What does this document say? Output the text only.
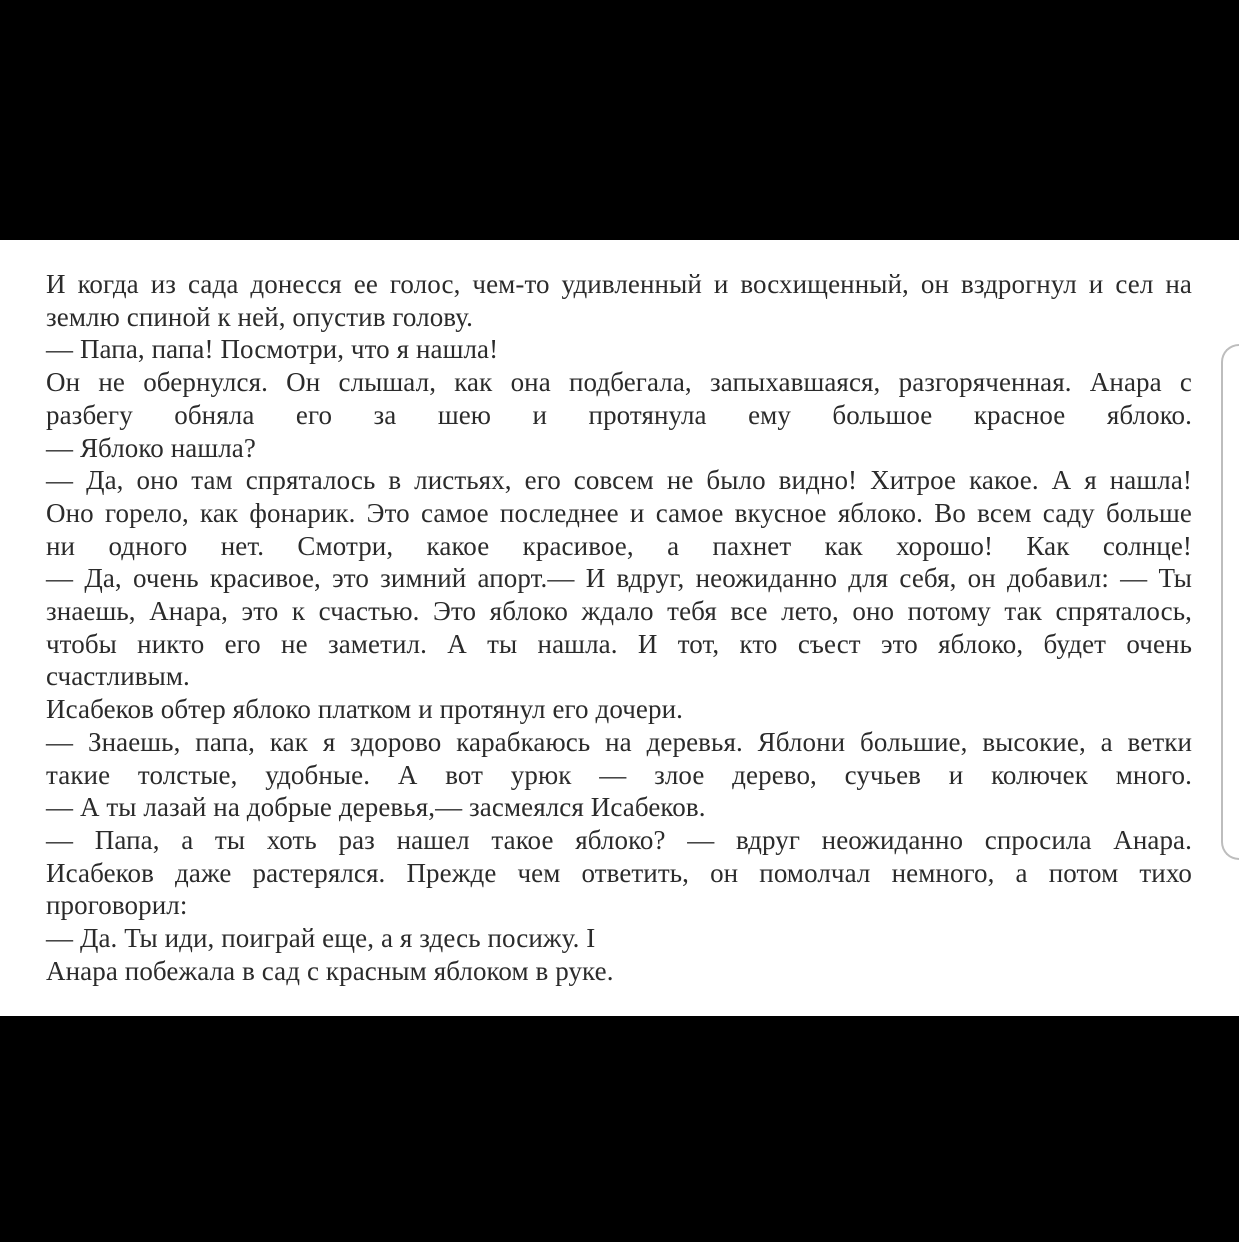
И когда из сада донесся ее голос, чем-то удивленный и восхищенный, он вздрогнул и сел на
землю спиной к ней, опустив голову.
— Папа, папа! Посмотри, что я нашла!
Он не обернулся. Он слышал, как она подбегала, запыхавшаяся, разгоряченная. Анара с
разбегу обняла его за шею и протянула ему большое красное яблоко.
— Яблоко нашла?
— Да, оно там спряталось в листьях, его совсем не было видно! Хитрое какое. А я нашла!
Оно горело, как фонарик. Это самое последнее и самое вкусное яблоко. Во всем саду больше
ни одного нет. Смотри, какое красивое, а пахнет как хорошо! Как солнце!
— Да, очень красивое, это зимний апорт.— И вдруг, неожиданно для себя, он добавил: — Ты
знаешь, Анара, это к счастью. Это яблоко ждало тебя все лето, оно потому так спряталось,
чтобы никто его не заметил. А ты нашла. И тот, кто съест это яблоко, будет очень
счастливым.
Исабеков обтер яблоко платком и протянул его дочери.
— Знаешь, папа, как я здорово карабкаюсь на деревья. Яблони большие, высокие, а ветки
такие толстые, удобные. А вот урюк — злое дерево, сучьев и колючек много.
— А ты лазай на добрые деревья,— засмеялся Исабеков.
— Папа, а ты хоть раз нашел такое яблоко? — вдруг неожиданно спросила Анара.
Исабеков даже растерялся. Прежде чем ответить, он помолчал немного, а потом тихо
проговорил:
— Да. Ты иди, поиграй еще, а я здесь посижу. I
Анара побежала в сад с красным яблоком в руке.
